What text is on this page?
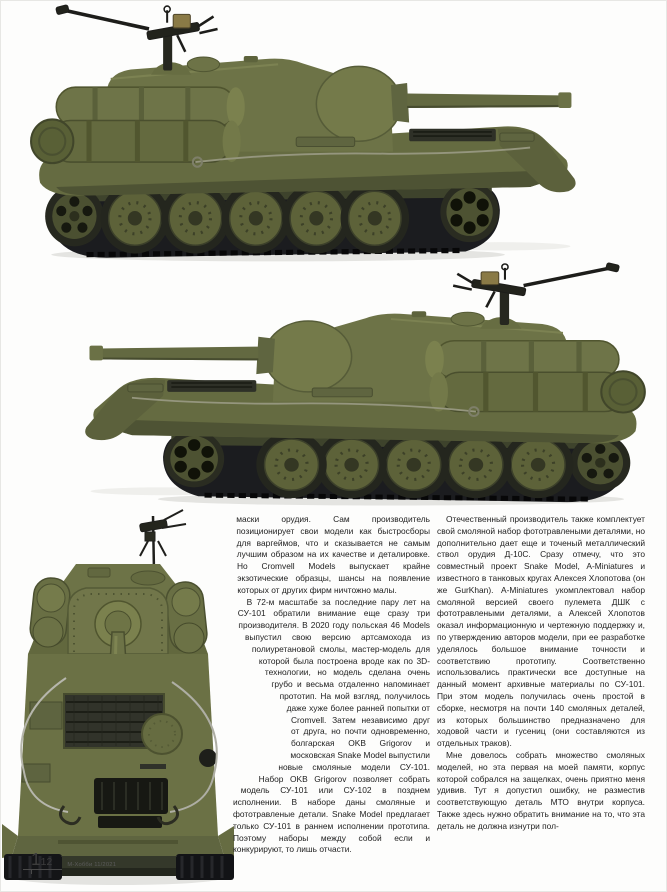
маски орудия. Сам производитель позиционирует свои модели как быстросборы для варгеймов, что и сказывается не самым лучшим образом на их качестве и деталировке. Но Cromvell Models выпускает крайне экзотические образцы, шансы на появление которых от других фирм ничтожно малы.

В 72-м масштабе за последние пару лет на СУ-101 обратили внимание еще сразу три производителя. В 2020 году польская 46 Models выпустил свою версию артсамохода из полиуретановой смолы, мастер-модель для которой была построена вроде как по 3D-технологии, но модель сделана очень грубо и весьма отдаленно напоминает прототип. На мой взгляд, получилось даже хуже более ранней попытки от Cromvell. Затем независимо друг от друга, но почти одновременно, болгарская OKB Grigorov и московская Snake Model выпустили новые смоляные модели СУ-101. Набор OKB Grigorov позволяет собрать модель СУ-101 или СУ-102 в позднем исполнении. В наборе даны смоляные и фототравленые детали. Snake Model предлагает только СУ-101 в раннем исполнении прототипа. Поэтому наборы между собой если и конкурируют, то лишь отчасти.

Отечественный производитель также комплектует свой смоляной набор фототравлеными деталями, но дополнительно дает еще и точеный металлический ствол орудия Д-10С. Сразу отмечу, что это совместный проект Snake Model, A-Miniatures и известного в танковых кругах Алексея Хлопотова (он же GurKhan). A-Miniatures укомплектовал набор смоляной версией своего пулемета ДШК с фототравлеными деталями, а Алексей Хлопотов оказал информационную и чертежную поддержку и, по утверждению авторов модели, при ее разработке уделялось большое внимание точности и соответствию прототипу. Соответственно использовались практически все доступные на данный момент архивные материалы по СУ-101. При этом модель получилась очень простой в сборке, несмотря на почти 140 смоляных деталей, из которых большинство предназначено для ходовой части и гусениц (они составляются из отдельных траков).

Мне довелось собрать множество смоляных моделей, но эта первая на моей памяти, корпус которой собрался на защелках, очень приятно меня удивив. Тут я допустил ошибку, не разместив соответствующую деталь МТО внутри корпуса. Также здесь нужно обратить внимание на то, что эта деталь не должна изнутри пол-

112	М-Хобби 11/2021
